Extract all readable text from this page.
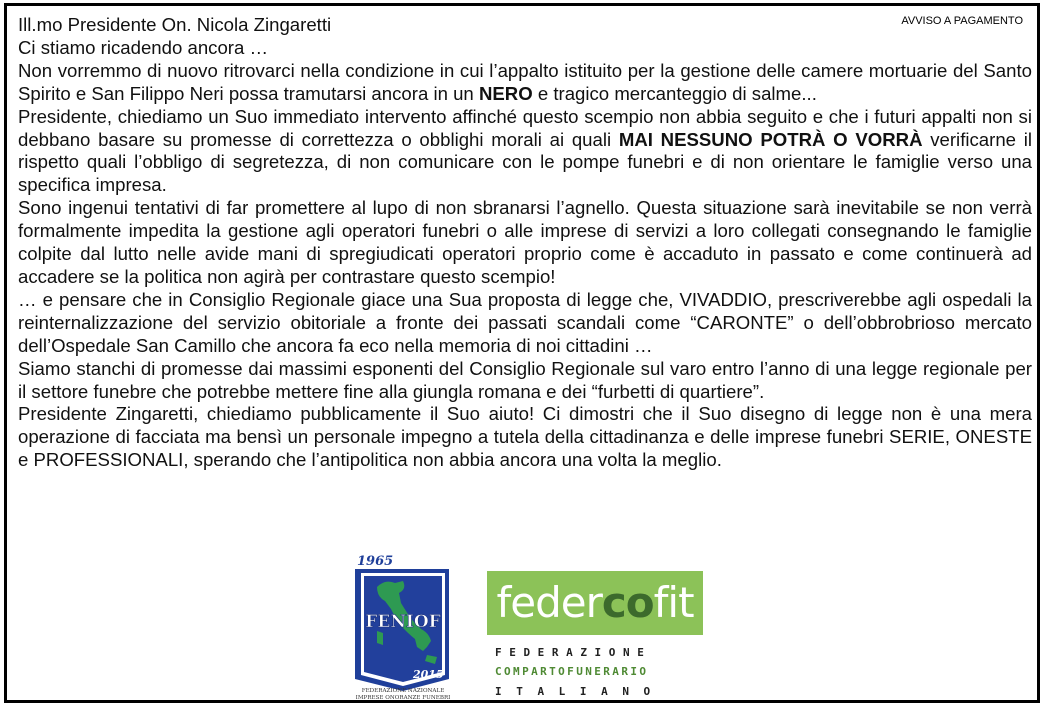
AVVISO A PAGAMENTO

Ill.mo Presidente On. Nicola Zingaretti

Ci stiamo ricadendo ancora …

Non vorremmo di nuovo ritrovarci nella condizione in cui l’appalto istituito per la gestione delle camere mortuarie del Santo Spirito e San Filippo Neri possa tramutarsi ancora in un NERO e tragico mercanteggio di salme...

Presidente, chiediamo un Suo immediato intervento affinché questo scempio non abbia seguito e che i futuri appalti non si debbano basare su promesse di correttezza o obblighi morali ai quali MAI NESSUNO POTRÀ O VORRÀ verificarne il rispetto quali l’obbligo di segretezza, di non comunicare con le pompe funebri e di non orientare le famiglie verso una specifica impresa.

Sono ingenui tentativi di far promettere al lupo di non sbranarsi l’agnello. Questa situazione sarà inevitabile se non verrà formalmente impedita la gestione agli operatori funebri o alle imprese di servizi a loro collegati consegnando le famiglie colpite dal lutto nelle avide mani di spregiudicati operatori proprio come è accaduto in passato e come continuerà ad accadere se la politica non agirà per contrastare questo scempio!

… e pensare che in Consiglio Regionale giace una Sua proposta di legge che, VIVADDIO, prescriverebbe agli ospedali la reinternalizzazione del servizio obitoriale a fronte dei passati scandali come “CARONTE” o dell’obbrobrioso mercato dell’Ospedale San Camillo che ancora fa eco nella memoria di noi cittadini …

Siamo stanchi di promesse dai massimi esponenti del Consiglio Regionale sul varo entro l’anno di una legge regionale per il settore funebre che potrebbe mettere fine alla giungla romana e dei “furbetti di quartiere”.

Presidente Zingaretti, chiediamo pubblicamente il Suo aiuto! Ci dimostri che il Suo disegno di legge non è una mera operazione di facciata ma bensì un personale impegno a tutela della cittadinanza e delle imprese funebri SERIE, ONESTE e PROFESSIONALI, sperando che l’antipolitica non abbia ancora una volta la meglio.

1965
FENIOF
2015
FEDERAZIONE NAZIONALE
IMPRESE ONORANZE FUNEBRI
federcofit
FEDERAZIONE
COMPARTOFUNERARIO
ITALIANO
